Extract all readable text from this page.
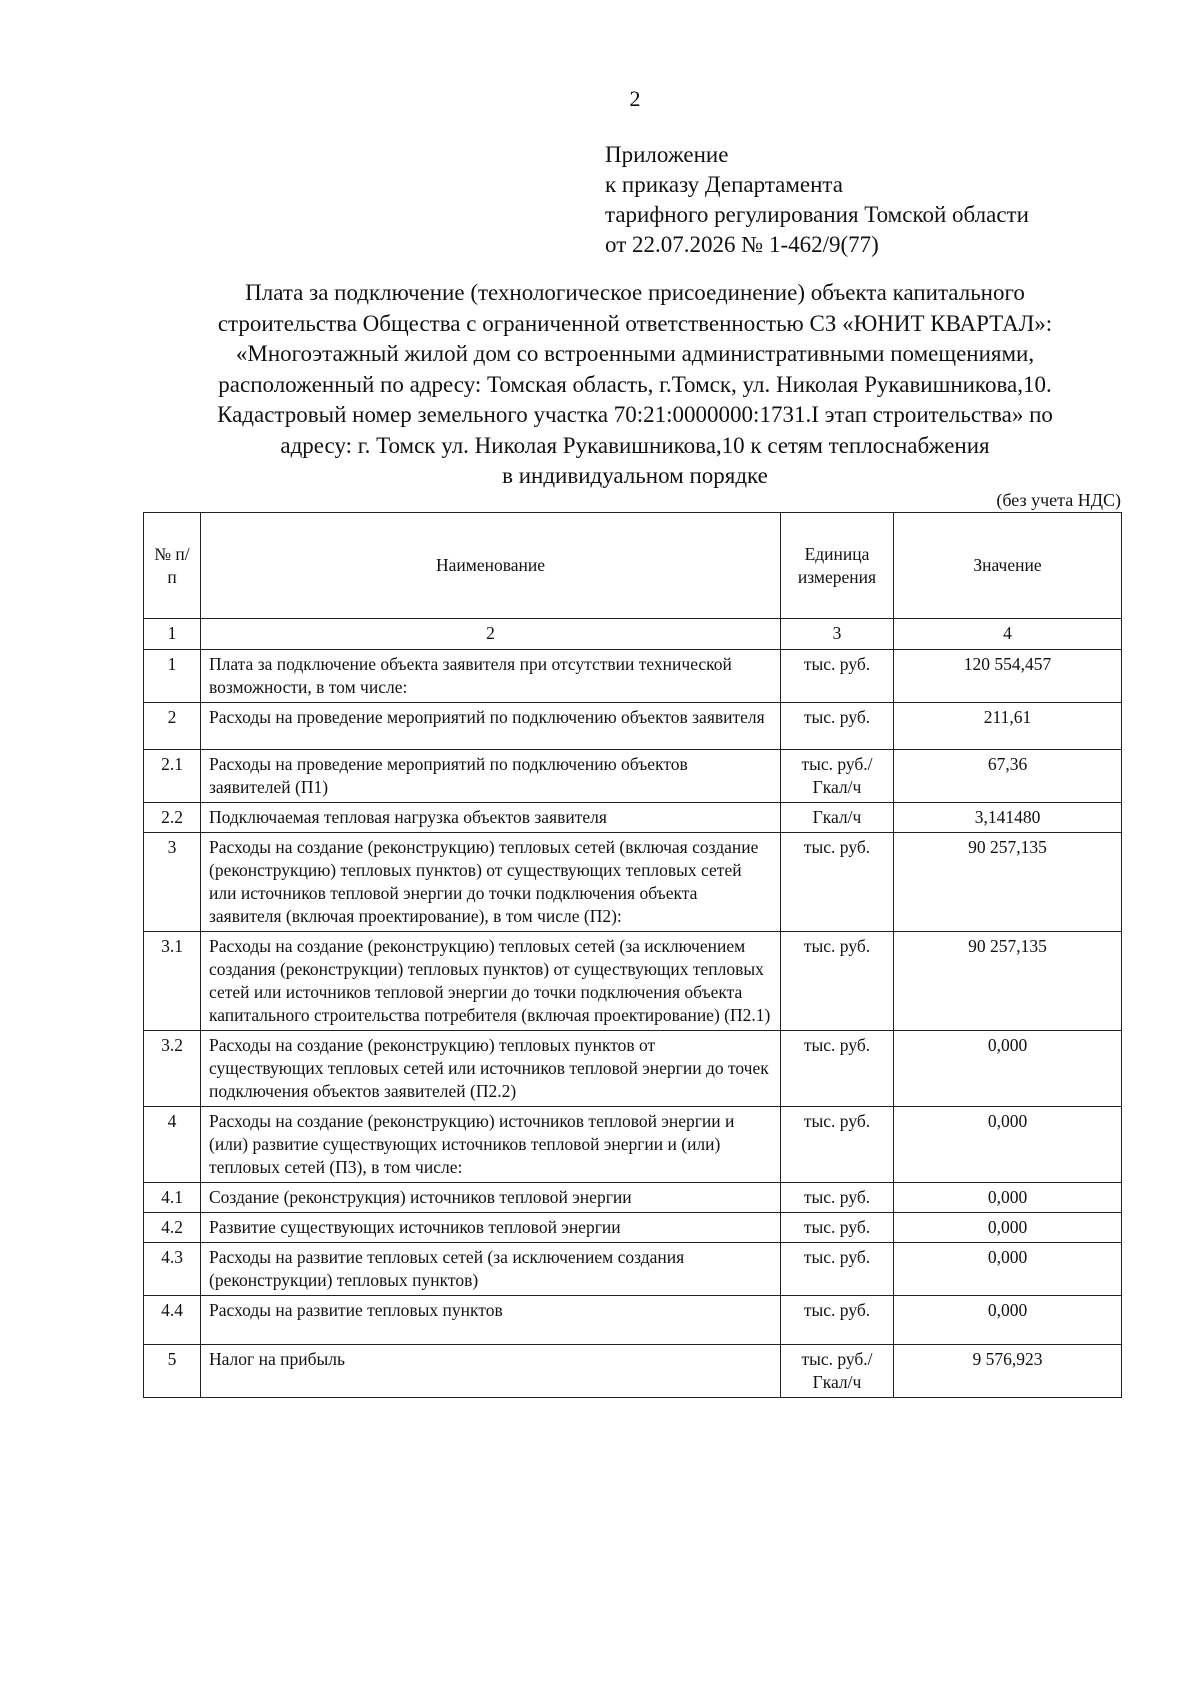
2
Приложение
к приказу Департамента
тарифного регулирования Томской области
от 22.07.2026 № 1-462/9(77)
Плата за подключение (технологическое присоединение) объекта капитального
строительства Общества с ограниченной ответственностью СЗ «ЮНИТ КВАРТАЛ»:
«Многоэтажный жилой дом со встроенными административными помещениями,
расположенный по адресу: Томская область, г.Томск, ул. Николая Рукавишникова,10.
Кадастровый номер земельного участка 70:21:0000000:1731.I этап строительства» по
адресу: г. Томск ул. Николая Рукавишникова,10 к сетям теплоснабжения
в индивидуальном порядке
(без учета НДС)
№ п/п	Наименование	Единица измерения	Значение
1	2	3	4
1	Плата за подключение объекта заявителя при отсутствии технической возможности, в том числе:	тыс. руб.	120 554,457
2	Расходы на проведение мероприятий по подключению объектов заявителя	тыс. руб.	211,61
2.1	Расходы на проведение мероприятий по подключению объектов заявителей (П1)	тыс. руб./ Гкал/ч	67,36
2.2	Подключаемая тепловая нагрузка объектов заявителя	Гкал/ч	3,141480
3	Расходы на создание (реконструкцию) тепловых сетей (включая создание (реконструкцию) тепловых пунктов) от существующих тепловых сетей или источников тепловой энергии до точки подключения объекта заявителя (включая проектирование), в том числе (П2):	тыс. руб.	90 257,135
3.1	Расходы на создание (реконструкцию) тепловых сетей (за исключением создания (реконструкции) тепловых пунктов) от существующих тепловых сетей или источников тепловой энергии до точки подключения объекта капитального строительства потребителя (включая проектирование) (П2.1)	тыс. руб.	90 257,135
3.2	Расходы на создание (реконструкцию) тепловых пунктов от существующих тепловых сетей или источников тепловой энергии до точек подключения объектов заявителей (П2.2)	тыс. руб.	0,000
4	Расходы на создание (реконструкцию) источников тепловой энергии и (или) развитие существующих источников тепловой энергии и (или) тепловых сетей (П3), в том числе:	тыс. руб.	0,000
4.1	Создание (реконструкция) источников тепловой энергии	тыс. руб.	0,000
4.2	Развитие существующих источников тепловой энергии	тыс. руб.	0,000
4.3	Расходы на развитие тепловых сетей (за исключением создания (реконструкции) тепловых пунктов)	тыс. руб.	0,000
4.4	Расходы на развитие тепловых пунктов	тыс. руб.	0,000
5	Налог на прибыль	тыс. руб./ Гкал/ч	9 576,923
